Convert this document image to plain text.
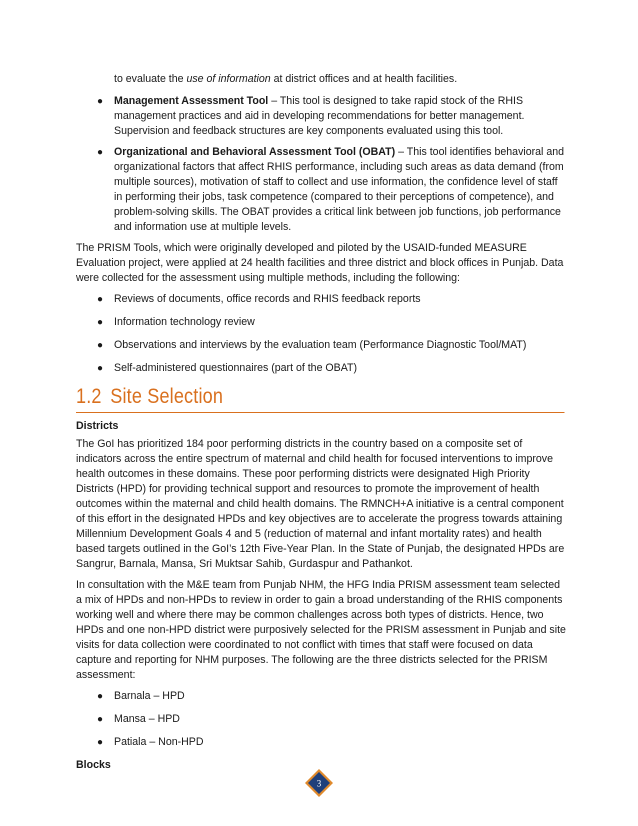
to evaluate the use of information at district offices and at health facilities.

● Management Assessment Tool – This tool is designed to take rapid stock of the RHIS management practices and aid in developing recommendations for better management. Supervision and feedback structures are key components evaluated using this tool.
● Organizational and Behavioral Assessment Tool (OBAT) – This tool identifies behavioral and organizational factors that affect RHIS performance, including such areas as data demand (from multiple sources), motivation of staff to collect and use information, the confidence level of staff in performing their jobs, task competence (compared to their perceptions of competence), and problem-solving skills. The OBAT provides a critical link between job functions, job performance and information use at multiple levels.

The PRISM Tools, which were originally developed and piloted by the USAID-funded MEASURE Evaluation project, were applied at 24 health facilities and three district and block offices in Punjab. Data were collected for the assessment using multiple methods, including the following:

● Reviews of documents, office records and RHIS feedback reports
● Information technology review
● Observations and interviews by the evaluation team (Performance Diagnostic Tool/MAT)
● Self-administered questionnaires (part of the OBAT)
1.2 Site Selection

Districts

The GoI has prioritized 184 poor performing districts in the country based on a composite set of indicators across the entire spectrum of maternal and child health for focused interventions to improve health outcomes in these domains. These poor performing districts were designated High Priority Districts (HPD) for providing technical support and resources to promote the improvement of health outcomes within the maternal and child health domains. The RMNCH+A initiative is a central component of this effort in the designated HPDs and key objectives are to accelerate the progress towards attaining Millennium Development Goals 4 and 5 (reduction of maternal and infant mortality rates) and health based targets outlined in the GoI’s 12th Five-Year Plan. In the State of Punjab, the designated HPDs are Sangrur, Barnala, Mansa, Sri Muktsar Sahib, Gurdaspur and Pathankot.

In consultation with the M&E team from Punjab NHM, the HFG India PRISM assessment team selected a mix of HPDs and non-HPDs to review in order to gain a broad understanding of the RHIS components working well and where there may be common challenges across both types of districts. Hence, two HPDs and one non-HPD district were purposively selected for the PRISM assessment in Punjab and site visits for data collection were coordinated to not conflict with times that staff were focused on data capture and reporting for NHM purposes. The following are the three districts selected for the PRISM assessment:

● Barnala – HPD
● Mansa – HPD
● Patiala – Non-HPD

Blocks

3
